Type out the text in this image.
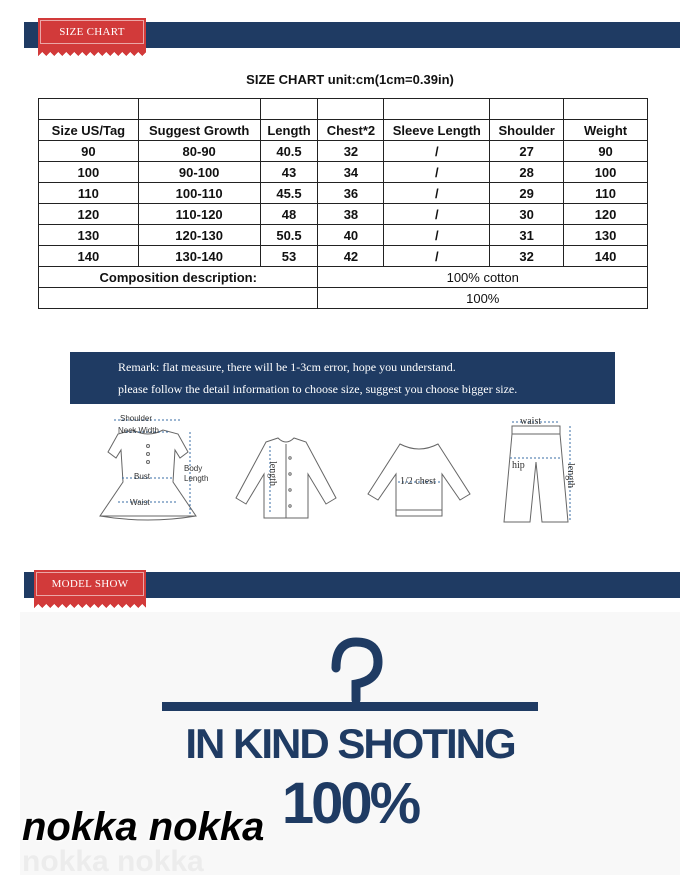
SIZE CHART
SIZE CHART unit:cm(1cm=0.39in)

Size US/Tag	Suggest Growth	Length	Chest*2	Sleeve Length	Shoulder	Weight
90	80-90	40.5	32	/	27	90
100	90-100	43	34	/	28	100
110	100-110	45.5	36	/	29	110
120	110-120	48	38	/	30	120
130	120-130	50.5	40	/	31	130
140	130-140	53	42	/	32	140
Composition description:			100% cotton			
			100%			
Remark: flat measure, there will be 1-3cm error, hope you understand.
please follow the detail information to choose size, suggest you choose bigger size.
Shoulder
Neck Width
Bust
Waist
Body
Length	length	1/2 chest
waist
hip	length
MODEL SHOW
IN KIND SHOTING
100%
nokka nokka
nokka nokka
